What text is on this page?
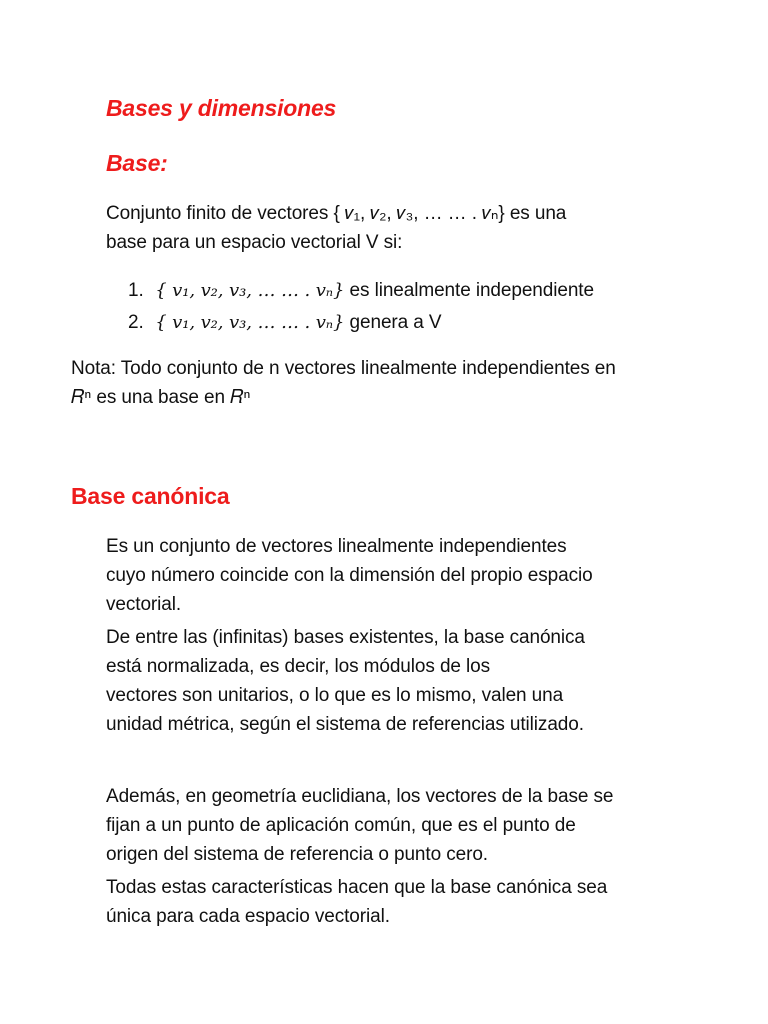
Bases y dimensiones
Base:

Conjunto finito de vectores { 𝑣₁, 𝑣₂, 𝑣₃, … … . 𝑣ₙ} es una
base para un espacio vectorial V si:

1. { 𝑣₁, 𝑣₂, 𝑣₃, … … . 𝑣ₙ} es linealmente independiente
2. { 𝑣₁, 𝑣₂, 𝑣₃, … … . 𝑣ₙ} genera a V

Nota: Todo conjunto de n vectores linealmente independientes en
𝑅ⁿ es una base en 𝑅ⁿ

Base canónica

Es un conjunto de vectores linealmente independientes
cuyo número coincide con la dimensión del propio espacio
vectorial.

De entre las (infinitas) bases existentes, la base canónica
está normalizada, es decir, los módulos de los
vectores son unitarios, o lo que es lo mismo, valen una
unidad métrica, según el sistema de referencias utilizado.

Además, en geometría euclidiana, los vectores de la base se
fijan a un punto de aplicación común, que es el punto de
origen del sistema de referencia o punto cero.

Todas estas características hacen que la base canónica sea
única para cada espacio vectorial.
